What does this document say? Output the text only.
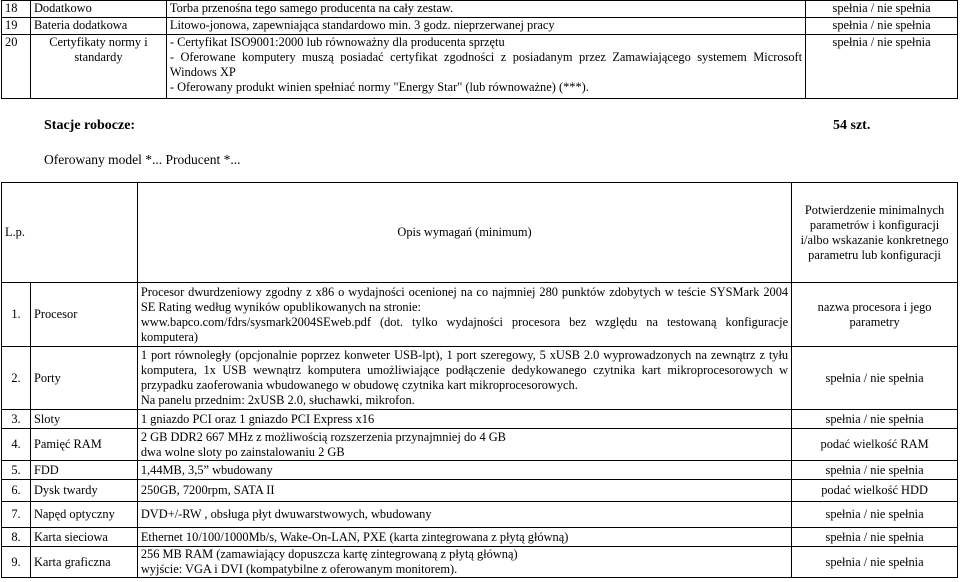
18	Dodatkowo	Torba przenośna tego samego producenta na cały zestaw.	spełnia / nie spełnia
19	Bateria dodatkowa	Litowo-jonowa, zapewniająca standardowo min. 3 godz. nieprzerwanej pracy	spełnia / nie spełnia
20	Certyfikaty normy i standardy	- Certyfikat ISO9001:2000 lub równoważny dla producenta sprzętu
- Oferowane komputery muszą posiadać certyfikat zgodności z posiadanym przez Zamawiającego systemem Microsoft Windows XP
- Oferowany produkt winien spełniać normy "Energy Star" (lub równoważne) (***).	spełnia / nie spełnia
Stacje robocze:	54 szt.
Oferowany model *... Producent *...
L.p.		Opis wymagań (minimum)	Potwierdzenie minimalnych parametrów i konfiguracji i/albo wskazanie konkretnego parametru lub konfiguracji
1.	Procesor	Procesor dwurdzeniowy zgodny z x86 o wydajności ocenionej na co najmniej 280 punktów zdobytych w teście SYSMark 2004 SE Rating według wyników opublikowanych na stronie:
www.bapco.com/fdrs/sysmark2004SEweb.pdf (dot. tylko wydajności procesora bez względu na testowaną konfiguracje komputera)	nazwa procesora i jego parametry
2.	Porty	1 port równoległy (opcjonalnie poprzez konweter USB-lpt), 1 port szeregowy, 5 xUSB 2.0 wyprowadzonych na zewnątrz z tyłu komputera, 1x USB wewnątrz komputera umożliwiające podłączenie dedykowanego czytnika kart mikroprocesorowych w przypadku zaoferowania wbudowanego w obudowę czytnika kart mikroprocesorowych.
Na panelu przednim: 2xUSB 2.0, słuchawki, mikrofon.	spełnia / nie spełnia
3.	Sloty	1 gniazdo PCI oraz 1 gniazdo PCI Express x16	spełnia / nie spełnia
4.	Pamięć RAM	2 GB DDR2 667 MHz z możliwością rozszerzenia przynajmniej do 4 GB
dwa wolne sloty po zainstalowaniu 2 GB	podać wielkość RAM
5.	FDD	1,44MB, 3,5” wbudowany	spełnia / nie spełnia
6.	Dysk twardy	250GB, 7200rpm, SATA II	podać wielkość HDD
7.	Napęd optyczny	DVD+/-RW , obsługa płyt dwuwarstwowych, wbudowany	spełnia / nie spełnia
8.	Karta sieciowa	Ethernet 10/100/1000Mb/s, Wake-On-LAN, PXE (karta zintegrowana z płytą główną)	spełnia / nie spełnia
9.	Karta graficzna	256 MB RAM (zamawiający dopuszcza kartę zintegrowaną z płytą główną)
wyjście: VGA i DVI (kompatybilne z oferowanym monitorem).	spełnia / nie spełnia
